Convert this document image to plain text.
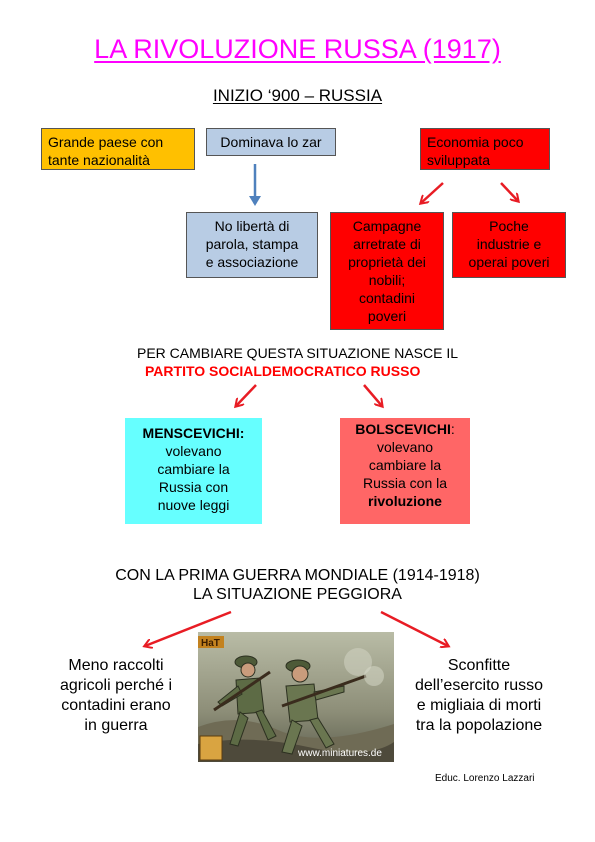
LA RIVOLUZIONE RUSSA (1917)
INIZIO ‘900 – RUSSIA
Grande paese con
tante nazionalità
Dominava lo zar	Economia poco
sviluppata
No libertà di
parola, stampa
e associazione
Campagne
arretrate di
proprietà dei
nobili;
contadini
poveri
Poche
industrie e
operai poveri
PER CAMBIARE QUESTA SITUAZIONE NASCE IL
PARTITO SOCIALDEMOCRATICO RUSSO
MENSCEVICHI:
volevano
cambiare la
Russia con
nuove leggi
BOLSCEVICHI:
volevano
cambiare la
Russia con la
rivoluzione
CON LA PRIMA GUERRA MONDIALE (1914-1918)
LA SITUAZIONE PEGGIORA
Meno raccolti
agricoli perché i
contadini erano
in guerra
Sconfitte
dell’esercito russo
e migliaia di morti
tra la popolazione
HaT
www.miniatures.de
Educ. Lorenzo Lazzari
